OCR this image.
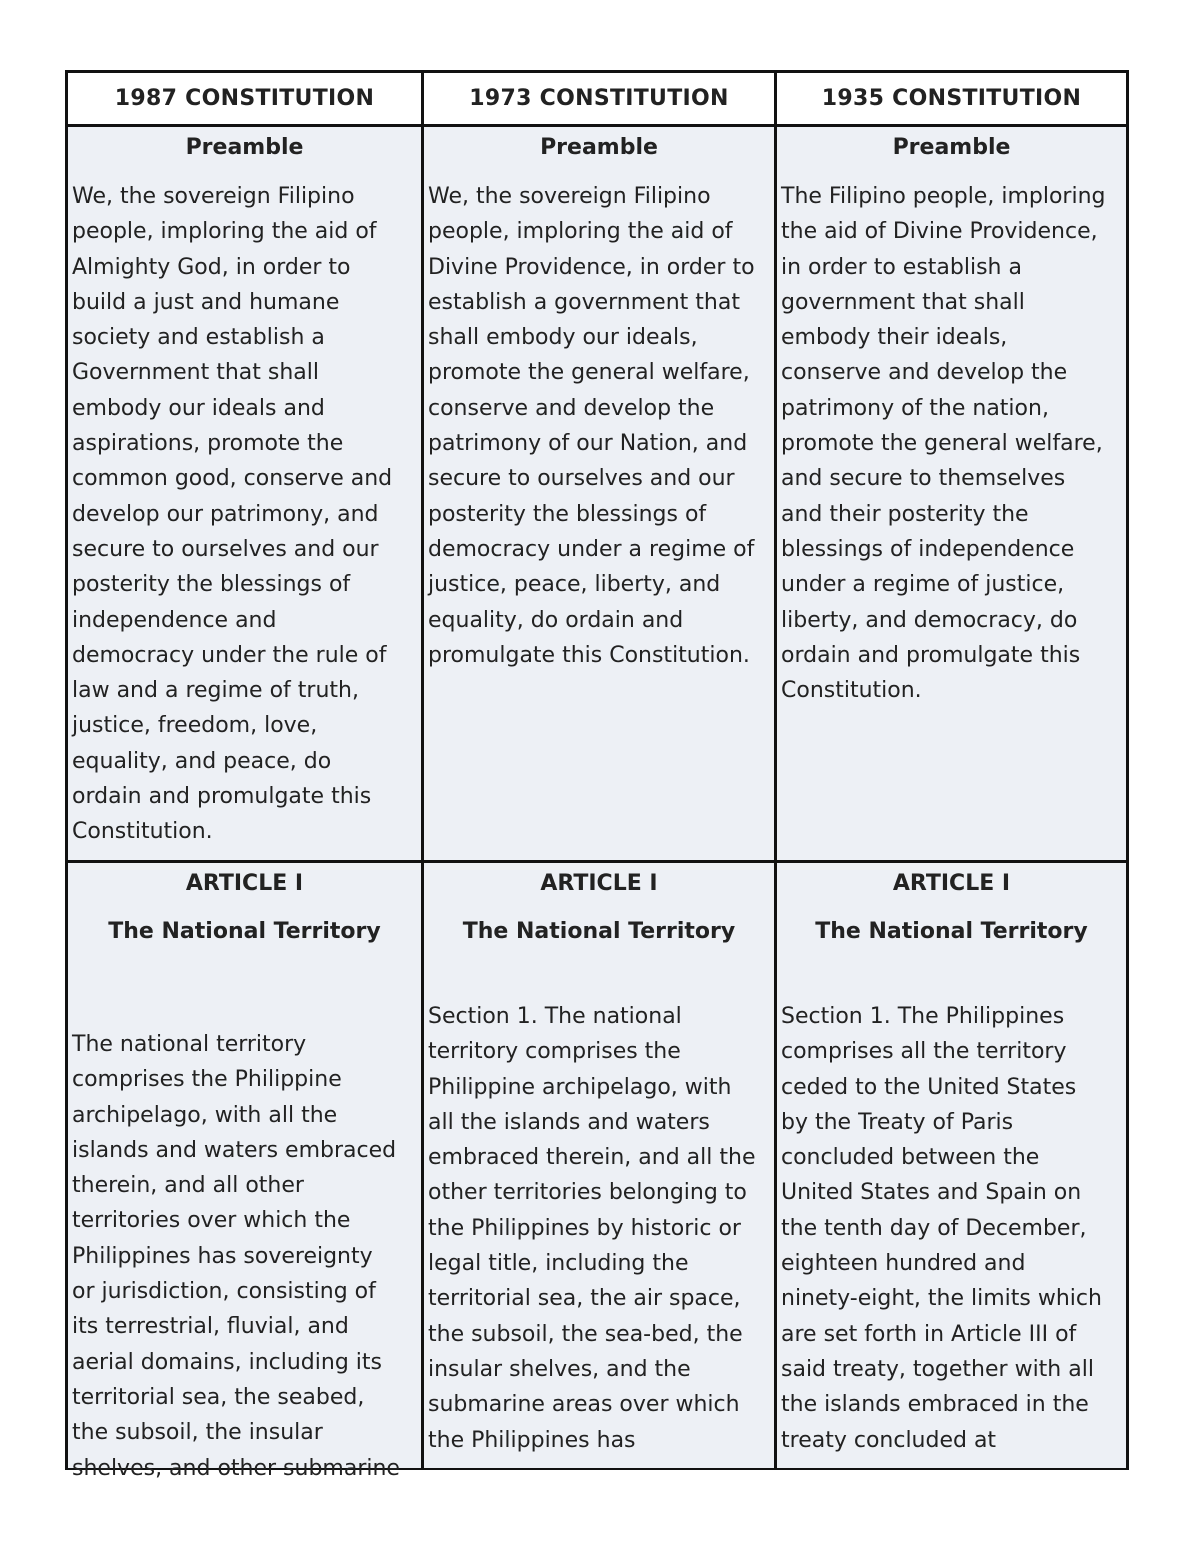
1987 CONSTITUTION	1973 CONSTITUTION	1935 CONSTITUTION
Preamble
We, the sovereign Filipino
people, imploring the aid of
Almighty God, in order to
build a just and humane
society and establish a
Government that shall
embody our ideals and
aspirations, promote the
common good, conserve and
develop our patrimony, and
secure to ourselves and our
posterity the blessings of
independence and
democracy under the rule of
law and a regime of truth,
justice, freedom, love,
equality, and peace, do
ordain and promulgate this
Constitution.
Preamble
We, the sovereign Filipino
people, imploring the aid of
Divine Providence, in order to
establish a government that
shall embody our ideals,
promote the general welfare,
conserve and develop the
patrimony of our Nation, and
secure to ourselves and our
posterity the blessings of
democracy under a regime of
justice, peace, liberty, and
equality, do ordain and
promulgate this Constitution.
Preamble
The Filipino people, imploring
the aid of Divine Providence,
in order to establish a
government that shall
embody their ideals,
conserve and develop the
patrimony of the nation,
promote the general welfare,
and secure to themselves
and their posterity the
blessings of independence
under a regime of justice,
liberty, and democracy, do
ordain and promulgate this
Constitution.
ARTICLE I
The National Territory
The national territory
comprises the Philippine
archipelago, with all the
islands and waters embraced
therein, and all other
territories over which the
Philippines has sovereignty
or jurisdiction, consisting of
its terrestrial, fluvial, and
aerial domains, including its
territorial sea, the seabed,
the subsoil, the insular
shelves, and other submarine
ARTICLE I
The National Territory
Section 1. The national
territory comprises the
Philippine archipelago, with
all the islands and waters
embraced therein, and all the
other territories belonging to
the Philippines by historic or
legal title, including the
territorial sea, the air space,
the subsoil, the sea-bed, the
insular shelves, and the
submarine areas over which
the Philippines has
ARTICLE I
The National Territory
Section 1. The Philippines
comprises all the territory
ceded to the United States
by the Treaty of Paris
concluded between the
United States and Spain on
the tenth day of December,
eighteen hundred and
ninety-eight, the limits which
are set forth in Article III of
said treaty, together with all
the islands embraced in the
treaty concluded at
